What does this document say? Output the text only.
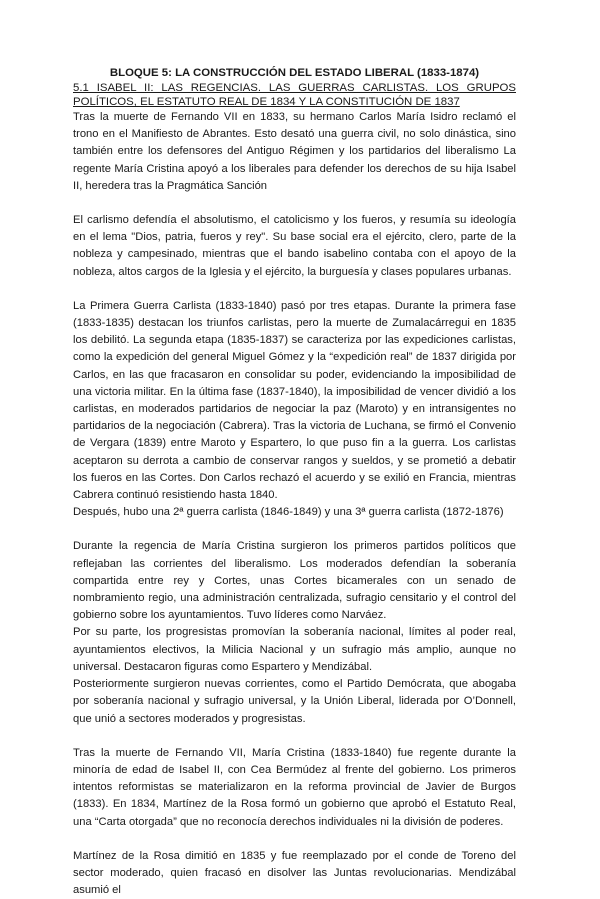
BLOQUE 5: LA CONSTRUCCIÓN DEL ESTADO LIBERAL (1833-1874)

5.1 ISABEL II: LAS REGENCIAS. LAS GUERRAS CARLISTAS. LOS GRUPOS POLÍTICOS, EL ESTATUTO REAL DE 1834 Y LA CONSTITUCIÓN DE 1837

Tras la muerte de Fernando VII en 1833, su hermano Carlos María Isidro reclamó el trono en el Manifiesto de Abrantes. Esto desató una guerra civil, no solo dinástica, sino también entre los defensores del Antiguo Régimen y los partidarios del liberalismo La regente María Cristina apoyó a los liberales para defender los derechos de su hija Isabel II, heredera tras la Pragmática Sanción

El carlismo defendía el absolutismo, el catolicismo y los fueros, y resumía su ideología en el lema "Dios, patria, fueros y rey". Su base social era el ejército, clero, parte de la nobleza y campesinado, mientras que el bando isabelino contaba con el apoyo de la nobleza, altos cargos de la Iglesia y el ejército, la burguesía y clases populares urbanas.

La Primera Guerra Carlista (1833-1840) pasó por tres etapas. Durante la primera fase (1833-1835) destacan los triunfos carlistas, pero la muerte de Zumalacárregui en 1835 los debilitó. La segunda etapa (1835-1837) se caracteriza por las expediciones carlistas, como la expedición del general Miguel Gómez y la “expedición real” de 1837 dirigida por Carlos, en las que fracasaron en consolidar su poder, evidenciando la imposibilidad de una victoria militar. En la última fase (1837-1840), la imposibilidad de vencer dividió a los carlistas, en moderados partidarios de negociar la paz (Maroto) y en intransigentes no partidarios de la negociación (Cabrera). Tras la victoria de Luchana, se firmó el Convenio de Vergara (1839) entre Maroto y Espartero, lo que puso fin a la guerra. Los carlistas aceptaron su derrota a cambio de conservar rangos y sueldos, y se prometió a debatir los fueros en las Cortes. Don Carlos rechazó el acuerdo y se exilió en Francia, mientras Cabrera continuó resistiendo hasta 1840.

Después, hubo una 2ª guerra carlista (1846-1849) y una 3ª guerra carlista (1872-1876)

Durante la regencia de María Cristina surgieron los primeros partidos políticos que reflejaban las corrientes del liberalismo. Los moderados defendían la soberanía compartida entre rey y Cortes, unas Cortes bicamerales con un senado de nombramiento regio, una administración centralizada, sufragio censitario y el control del gobierno sobre los ayuntamientos. Tuvo líderes como Narváez.

Por su parte, los progresistas promovían la soberanía nacional, límites al poder real, ayuntamientos electivos, la Milicia Nacional y un sufragio más amplio, aunque no universal. Destacaron figuras como Espartero y Mendizábal.

Posteriormente surgieron nuevas corrientes, como el Partido Demócrata, que abogaba por soberanía nacional y sufragio universal, y la Unión Liberal, liderada por O’Donnell, que unió a sectores moderados y progresistas.

Tras la muerte de Fernando VII, María Cristina (1833-1840) fue regente durante la minoría de edad de Isabel II, con Cea Bermúdez al frente del gobierno. Los primeros intentos reformistas se materializaron en la reforma provincial de Javier de Burgos (1833). En 1834, Martínez de la Rosa formó un gobierno que aprobó el Estatuto Real, una “Carta otorgada” que no reconocía derechos individuales ni la división de poderes.

Martínez de la Rosa dimitió en 1835 y fue reemplazado por el conde de Toreno del sector moderado, quien fracasó en disolver las Juntas revolucionarias. Mendizábal asumió el
